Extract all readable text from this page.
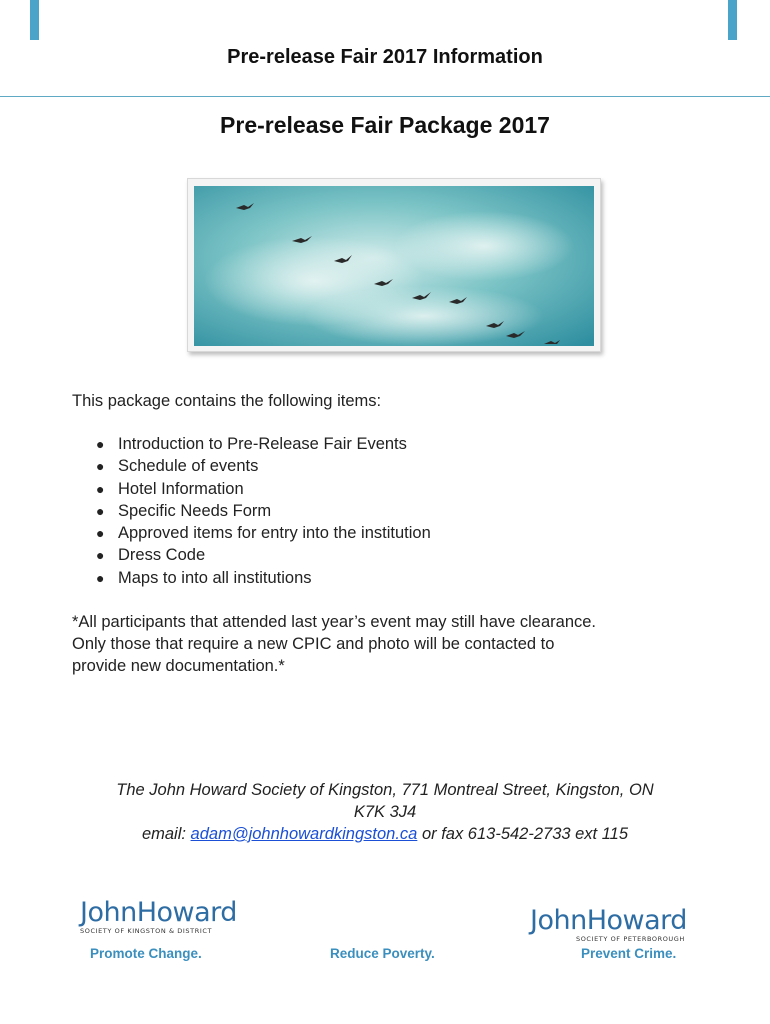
Pre-release Fair 2017 Information
Pre-release Fair Package 2017
This package contains the following items:
● Introduction to Pre-Release Fair Events
● Schedule of events
● Hotel Information
● Specific Needs Form
● Approved items for entry into the institution
● Dress Code
● Maps to into all institutions
*All participants that attended last year’s event may still have clearance.
Only those that require a new CPIC and photo will be contacted to
provide new documentation.*
The John Howard Society of Kingston, 771 Montreal Street, Kingston, ON
K7K 3J4
email: adam@johnhowardkingston.ca or fax 613-542-2733 ext 115
JohnHoward
SOCIETY OF KINGSTON & DISTRICT	JohnHoward
SOCIETY OF PETERBOROUGH
Promote Change.	Reduce Poverty.	Prevent Crime.
